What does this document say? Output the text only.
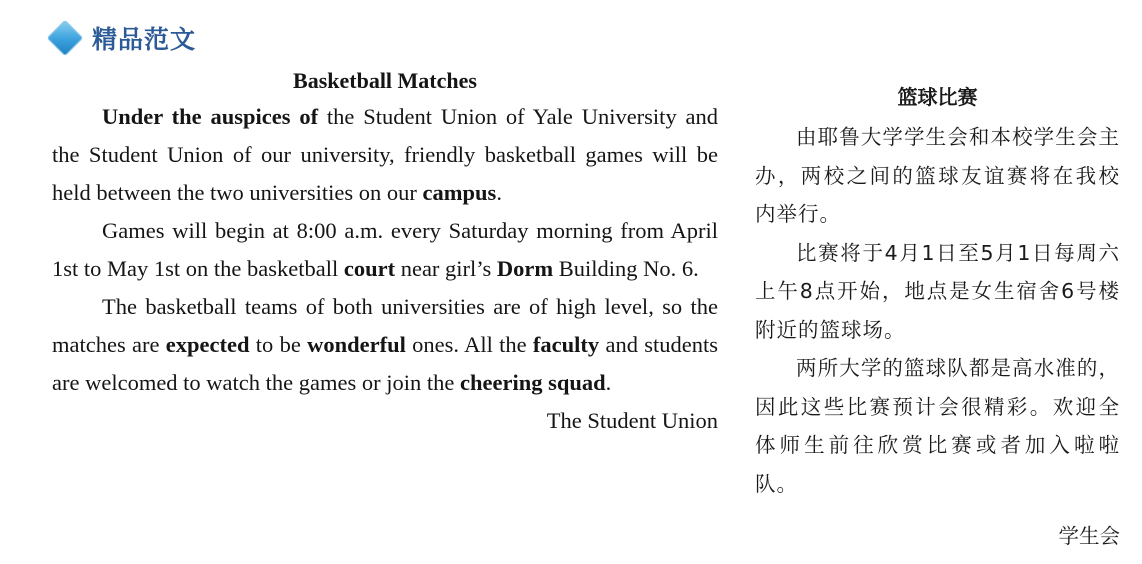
精品范文
Basketball Matches

Under the auspices of the Student Union of Yale University and the Student Union of our university, friendly basketball games will be held between the two universities on our campus.

Games will begin at 8:00 a.m. every Saturday morning from April 1st to May 1st on the basketball court near girl’s Dorm Building No. 6.

The basketball teams of both universities are of high level, so the matches are expected to be wonderful ones. All the faculty and students are welcomed to watch the games or join the cheering squad.

The Student Union
篮球比赛

由耶鲁大学学生会和本校学生会主办，两校之间的篮球友谊赛将在我校内举行。

比赛将于4月1日至5月1日每周六上午8点开始，地点是女生宿舍6号楼附近的篮球场。

两所大学的篮球队都是高水准的，因此这些比赛预计会很精彩。欢迎全体师生前往欣赏比赛或者加入啦啦队。

学生会
